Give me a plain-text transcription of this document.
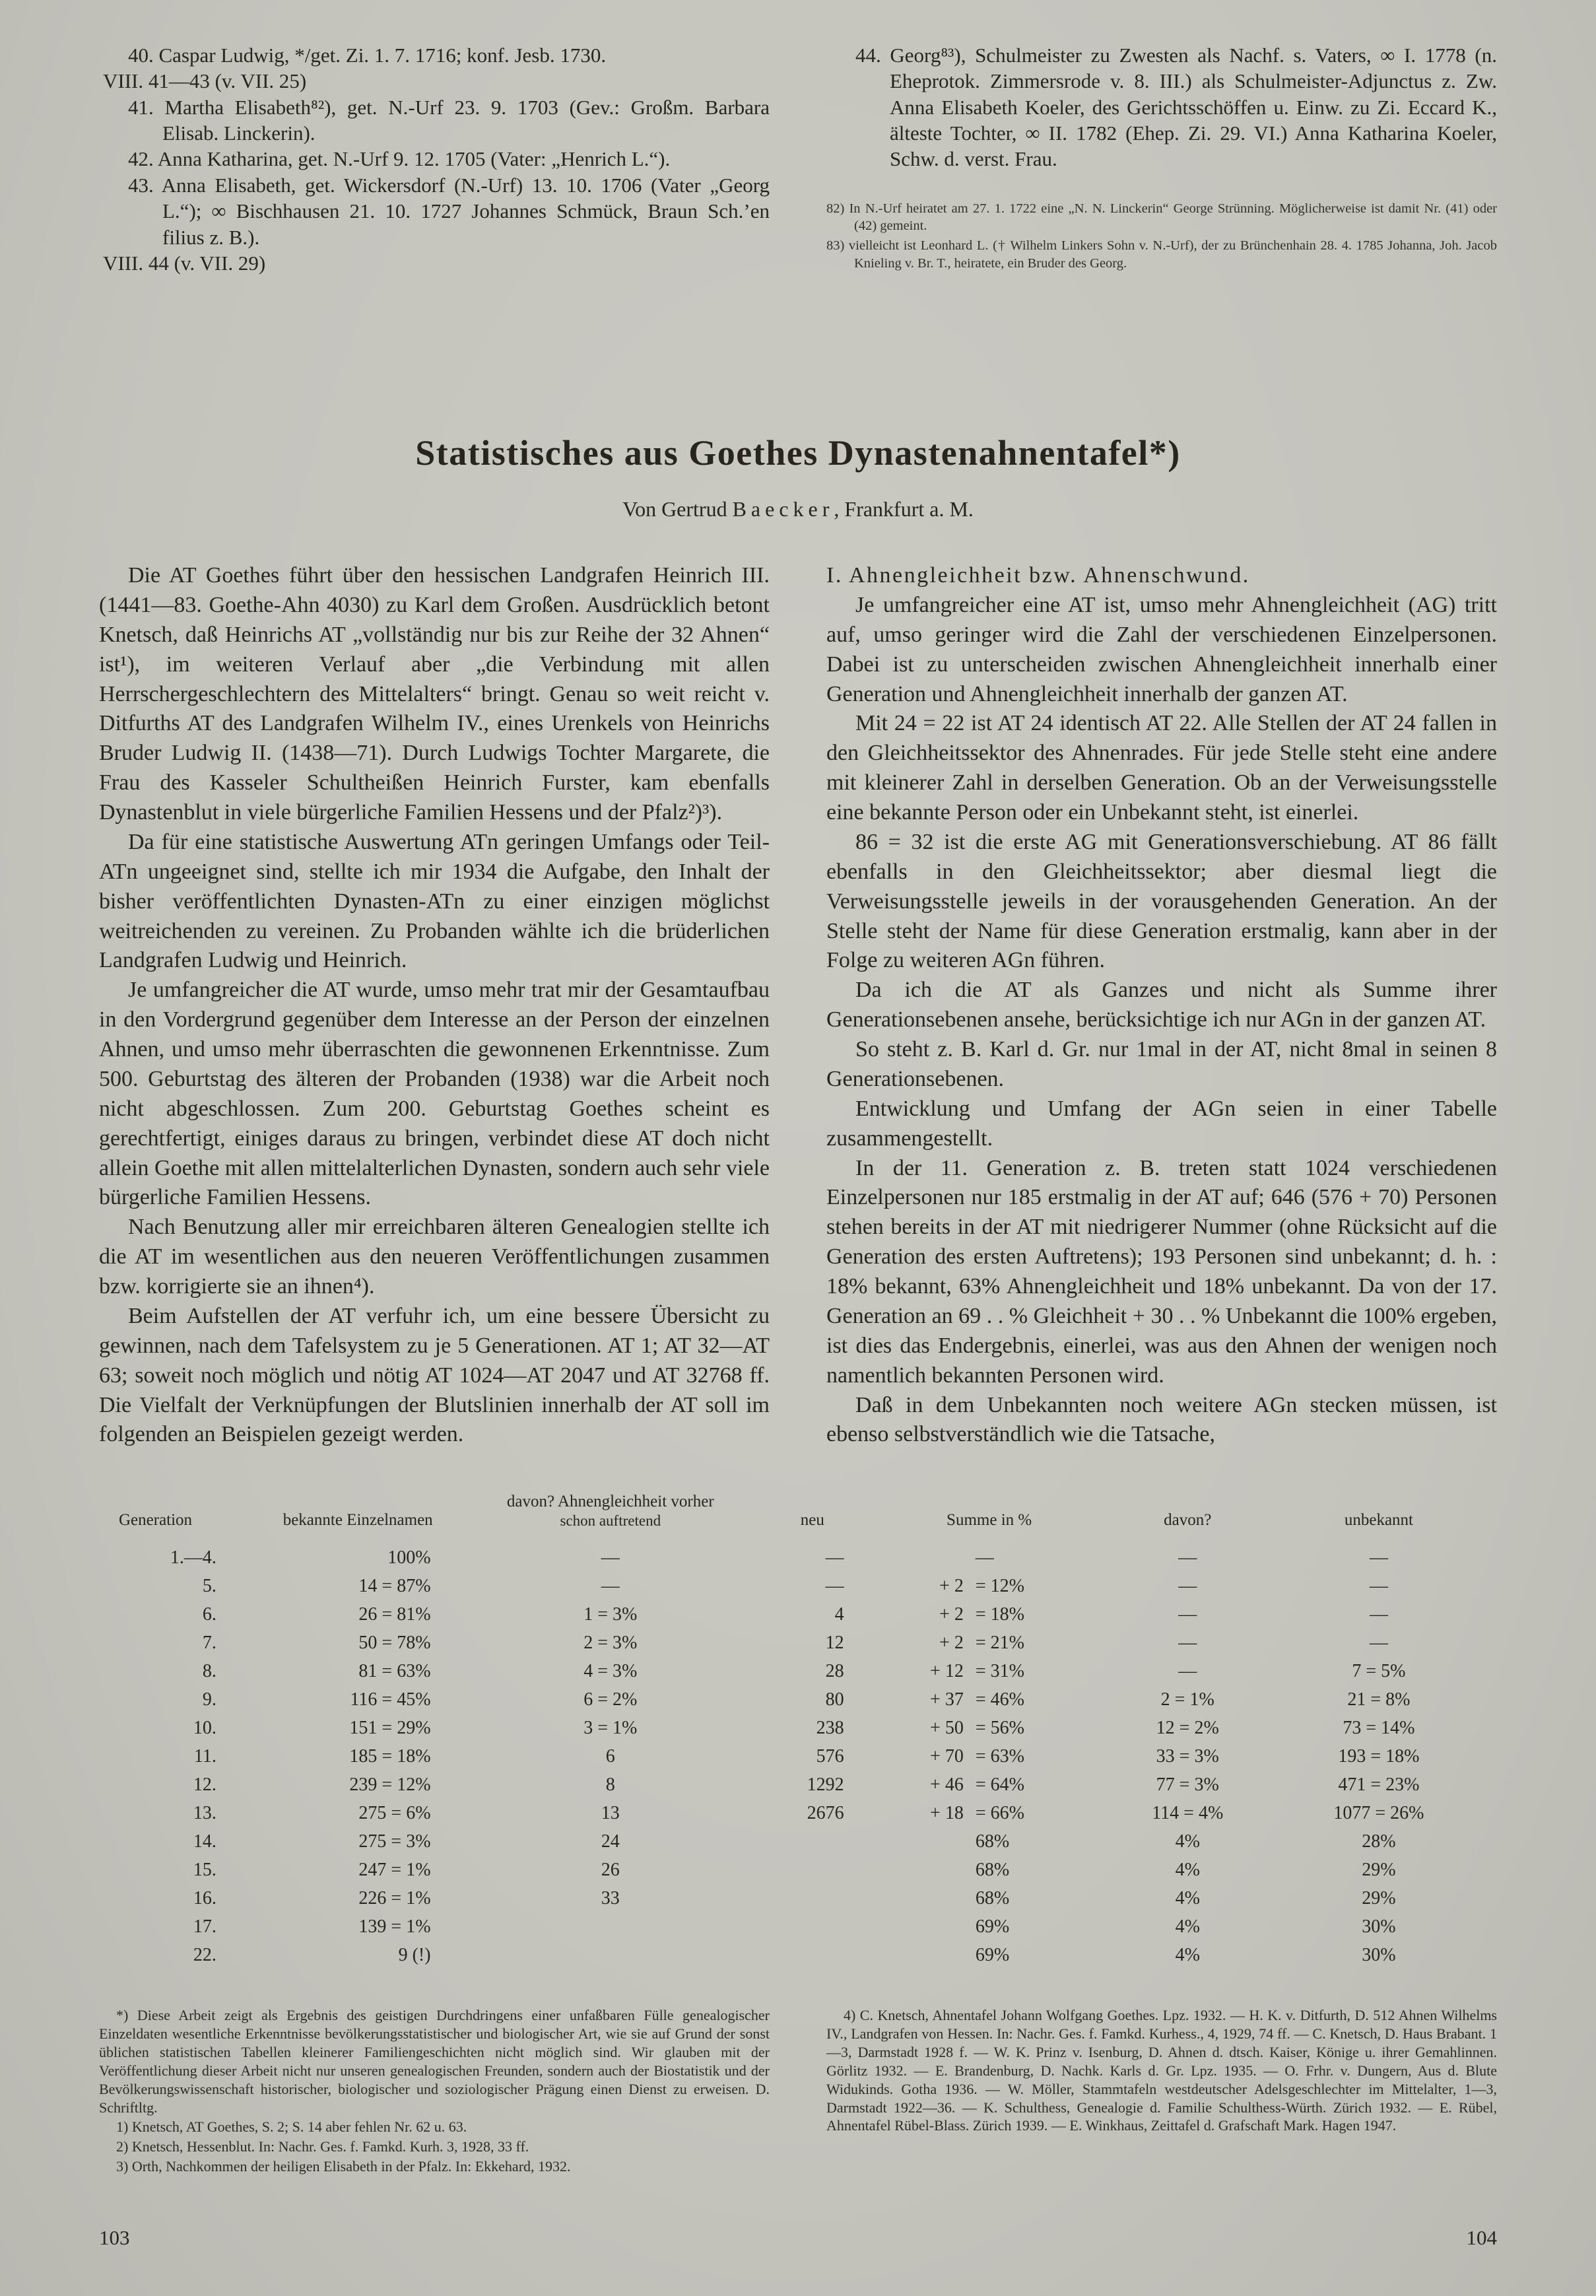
40. Caspar Ludwig, */get. Zi. 1. 7. 1716; konf. Jesb. 1730.

VIII. 41—43 (v. VII. 25)

41. Martha Elisabeth⁸²), get. N.-Urf 23. 9. 1703 (Gev.: Großm. Barbara Elisab. Linckerin).

42. Anna Katharina, get. N.-Urf 9. 12. 1705 (Vater: „Henrich L.“).

43. Anna Elisabeth, get. Wickersdorf (N.-Urf) 13. 10. 1706 (Vater „Georg L.“); ∞ Bischhausen 21. 10. 1727 Johannes Schmück, Braun Sch.’en filius z. B.).

VIII. 44 (v. VII. 29)

44. Georg⁸³), Schulmeister zu Zwesten als Nachf. s. Vaters, ∞ I. 1778 (n. Eheprotok. Zimmersrode v. 8. III.) als Schulmeister-Adjunctus z. Zw. Anna Elisabeth Koeler, des Gerichtsschöffen u. Einw. zu Zi. Eccard K., älteste Tochter, ∞ II. 1782 (Ehep. Zi. 29. VI.) Anna Katharina Koeler, Schw. d. verst. Frau.

82) In N.-Urf heiratet am 27. 1. 1722 eine „N. N. Linckerin“ George Strünning. Möglicherweise ist damit Nr. (41) oder (42) gemeint.

83) vielleicht ist Leonhard L. († Wilhelm Linkers Sohn v. N.-Urf), der zu Brünchenhain 28. 4. 1785 Johanna, Joh. Jacob Knieling v. Br. T., heiratete, ein Bruder des Georg.

Statistisches aus Goethes Dynastenahnentafel*)

Von Gertrud Baecker, Frankfurt a. M.

Die AT Goethes führt über den hessischen Landgrafen Heinrich III. (1441—83. Goethe-Ahn 4030) zu Karl dem Großen. Ausdrücklich betont Knetsch, daß Heinrichs AT „vollständig nur bis zur Reihe der 32 Ahnen“ ist¹), im weiteren Verlauf aber „die Verbindung mit allen Herrschergeschlechtern des Mittelalters“ bringt. Genau so weit reicht v. Ditfurths AT des Landgrafen Wilhelm IV., eines Urenkels von Heinrichs Bruder Ludwig II. (1438—71). Durch Ludwigs Tochter Margarete, die Frau des Kasseler Schultheißen Heinrich Furster, kam ebenfalls Dynastenblut in viele bürgerliche Familien Hessens und der Pfalz²)³).

Da für eine statistische Auswertung ATn geringen Umfangs oder Teil-ATn ungeeignet sind, stellte ich mir 1934 die Aufgabe, den Inhalt der bisher veröffentlichten Dynasten-ATn zu einer einzigen möglichst weitreichenden zu vereinen. Zu Probanden wählte ich die brüderlichen Landgrafen Ludwig und Heinrich.

Je umfangreicher die AT wurde, umso mehr trat mir der Gesamtaufbau in den Vordergrund gegenüber dem Interesse an der Person der einzelnen Ahnen, und umso mehr überraschten die gewonnenen Erkenntnisse. Zum 500. Geburtstag des älteren der Probanden (1938) war die Arbeit noch nicht abgeschlossen. Zum 200. Geburtstag Goethes scheint es gerechtfertigt, einiges daraus zu bringen, verbindet diese AT doch nicht allein Goethe mit allen mittelalterlichen Dynasten, sondern auch sehr viele bürgerliche Familien Hessens.

Nach Benutzung aller mir erreichbaren älteren Genealogien stellte ich die AT im wesentlichen aus den neueren Veröffentlichungen zusammen bzw. korrigierte sie an ihnen⁴).

Beim Aufstellen der AT verfuhr ich, um eine bessere Übersicht zu gewinnen, nach dem Tafelsystem zu je 5 Generationen. AT 1; AT 32—AT 63; soweit noch möglich und nötig AT 1024—AT 2047 und AT 32768 ff. Die Vielfalt der Verknüpfungen der Blutslinien innerhalb der AT soll im folgenden an Beispielen gezeigt werden.

I. Ahnengleichheit bzw. Ahnenschwund.

Je umfangreicher eine AT ist, umso mehr Ahnengleichheit (AG) tritt auf, umso geringer wird die Zahl der verschiedenen Einzelpersonen. Dabei ist zu unterscheiden zwischen Ahnengleichheit innerhalb einer Generation und Ahnengleichheit innerhalb der ganzen AT.

Mit 24 = 22 ist AT 24 identisch AT 22. Alle Stellen der AT 24 fallen in den Gleichheitssektor des Ahnenrades. Für jede Stelle steht eine andere mit kleinerer Zahl in derselben Generation. Ob an der Verweisungsstelle eine bekannte Person oder ein Unbekannt steht, ist einerlei.

86 = 32 ist die erste AG mit Generationsverschiebung. AT 86 fällt ebenfalls in den Gleichheitssektor; aber diesmal liegt die Verweisungsstelle jeweils in der vorausgehenden Generation. An der Stelle steht der Name für diese Generation erstmalig, kann aber in der Folge zu weiteren AGn führen.

Da ich die AT als Ganzes und nicht als Summe ihrer Generationsebenen ansehe, berücksichtige ich nur AGn in der ganzen AT.

So steht z. B. Karl d. Gr. nur 1mal in der AT, nicht 8mal in seinen 8 Generationsebenen.

Entwicklung und Umfang der AGn seien in einer Tabelle zusammengestellt.

In der 11. Generation z. B. treten statt 1024 verschiedenen Einzelpersonen nur 185 erstmalig in der AT auf; 646 (576 + 70) Personen stehen bereits in der AT mit niedrigerer Nummer (ohne Rücksicht auf die Generation des ersten Auftretens); 193 Personen sind unbekannt; d. h. : 18% bekannt, 63% Ahnengleichheit und 18% unbekannt. Da von der 17. Generation an 69 . . % Gleichheit + 30 . . % Unbekannt die 100% ergeben, ist dies das Endergebnis, einerlei, was aus den Ahnen der wenigen noch namentlich bekannten Personen wird.

Daß in dem Unbekannten noch weitere AGn stecken müssen, ist ebenso selbstverständlich wie die Tatsache,

Generation	bekannte Einzelnamen	davon? Ahnengleichheit vorher
schon auftretend	neu	Summe in %		davon?	unbekannt
1.—4.	100%	—	—		—	—	—
5.	14 = 87%	—	—	+ 2	= 12%	—	—
6.	26 = 81%	1 = 3%	4	+ 2	= 18%	—	—
7.	50 = 78%	2 = 3%	12	+ 2	= 21%	—	—
8.	81 = 63%	4 = 3%	28	+ 12	= 31%	—	7 = 5%
9.	116 = 45%	6 = 2%	80	+ 37	= 46%	2 = 1%	21 = 8%
10.	151 = 29%	3 = 1%	238	+ 50	= 56%	12 = 2%	73 = 14%
11.	185 = 18%	6	576	+ 70	= 63%	33 = 3%	193 = 18%
12.	239 = 12%	8	1292	+ 46	= 64%	77 = 3%	471 = 23%
13.	275 = 6%	13	2676	+ 18	= 66%	114 = 4%	1077 = 26%
14.	275 = 3%	24			68%	4%	28%
15.	247 = 1%	26			68%	4%	29%
16.	226 = 1%	33			68%	4%	29%
17.	139 = 1%				69%	4%	30%
22.	9 (!)				69%	4%	30%

*) Diese Arbeit zeigt als Ergebnis des geistigen Durchdringens einer unfaßbaren Fülle genealogischer Einzeldaten wesentliche Erkenntnisse bevölkerungsstatistischer und biologischer Art, wie sie auf Grund der sonst üblichen statistischen Tabellen kleinerer Familiengeschichten nicht möglich sind. Wir glauben mit der Veröffentlichung dieser Arbeit nicht nur unseren genealogischen Freunden, sondern auch der Biostatistik und der Bevölkerungswissenschaft historischer, biologischer und soziologischer Prägung einen Dienst zu erweisen. D. Schriftltg.

1) Knetsch, AT Goethes, S. 2; S. 14 aber fehlen Nr. 62 u. 63.

2) Knetsch, Hessenblut. In: Nachr. Ges. f. Famkd. Kurh. 3, 1928, 33 ff.

3) Orth, Nachkommen der heiligen Elisabeth in der Pfalz. In: Ekkehard, 1932.

4) C. Knetsch, Ahnentafel Johann Wolfgang Goethes. Lpz. 1932. — H. K. v. Ditfurth, D. 512 Ahnen Wilhelms IV., Landgrafen von Hessen. In: Nachr. Ges. f. Famkd. Kurhess., 4, 1929, 74 ff. — C. Knetsch, D. Haus Brabant. 1—3, Darmstadt 1928 f. — W. K. Prinz v. Isenburg, D. Ahnen d. dtsch. Kaiser, Könige u. ihrer Gemahlinnen. Görlitz 1932. — E. Brandenburg, D. Nachk. Karls d. Gr. Lpz. 1935. — O. Frhr. v. Dungern, Aus d. Blute Widukinds. Gotha 1936. — W. Möller, Stammtafeln westdeutscher Adelsgeschlechter im Mittelalter, 1—3, Darmstadt 1922—36. — K. Schulthess, Genealogie d. Familie Schulthess-Würth. Zürich 1932. — E. Rübel, Ahnentafel Rübel-Blass. Zürich 1939. — E. Winkhaus, Zeittafel d. Grafschaft Mark. Hagen 1947.

103	104
